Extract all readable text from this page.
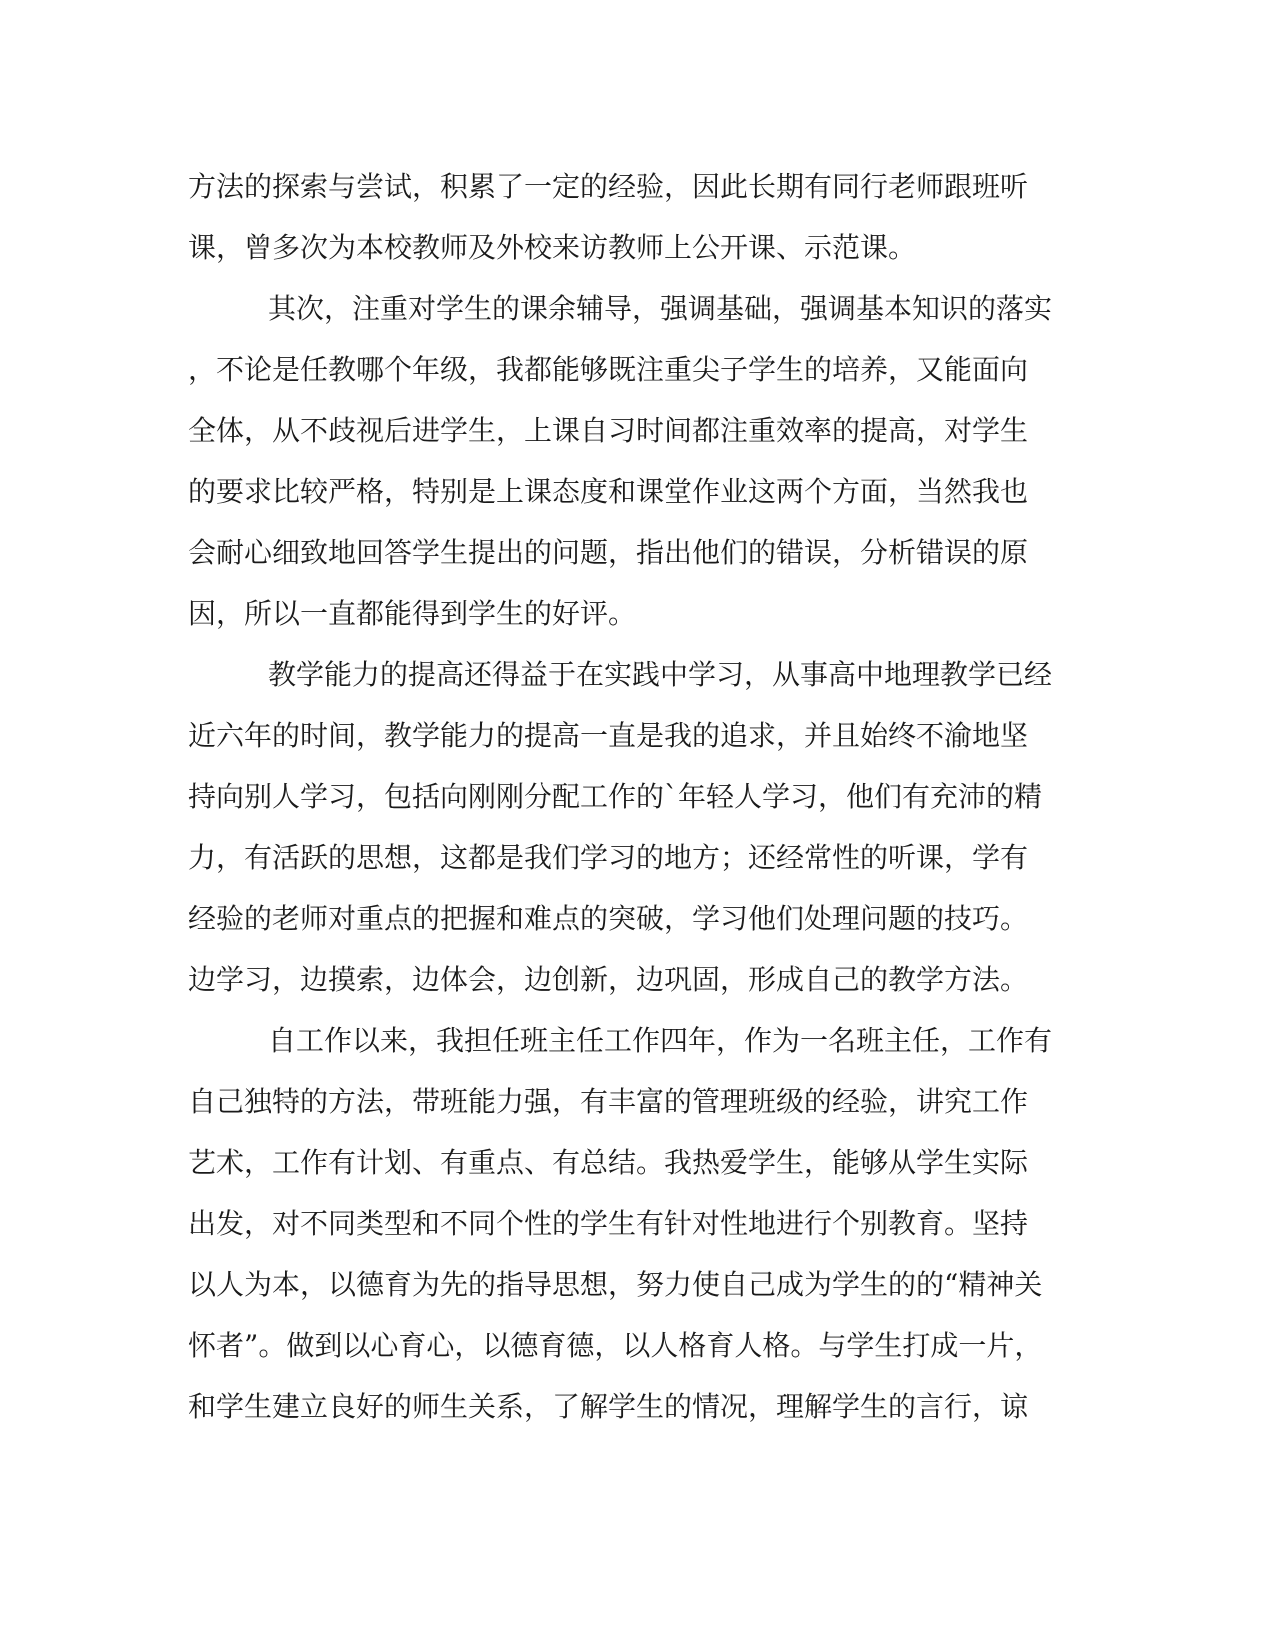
方法的探索与尝试，积累了一定的经验，因此长期有同行老师跟班听
课，曾多次为本校教师及外校来访教师上公开课、示范课。
其次，注重对学生的课余辅导，强调基础，强调基本知识的落实
，不论是任教哪个年级，我都能够既注重尖子学生的培养，又能面向
全体，从不歧视后进学生，上课自习时间都注重效率的提高，对学生
的要求比较严格，特别是上课态度和课堂作业这两个方面，当然我也
会耐心细致地回答学生提出的问题，指出他们的错误，分析错误的原
因，所以一直都能得到学生的好评。
教学能力的提高还得益于在实践中学习，从事高中地理教学已经
近六年的时间，教学能力的提高一直是我的追求，并且始终不渝地坚
持向别人学习，包括向刚刚分配工作的`年轻人学习，他们有充沛的精
力，有活跃的思想，这都是我们学习的地方；还经常性的听课，学有
经验的老师对重点的把握和难点的突破，学习他们处理问题的技巧。
边学习，边摸索，边体会，边创新，边巩固，形成自己的教学方法。
自工作以来，我担任班主任工作四年，作为一名班主任，工作有
自己独特的方法，带班能力强，有丰富的管理班级的经验，讲究工作
艺术，工作有计划、有重点、有总结。我热爱学生，能够从学生实际
出发，对不同类型和不同个性的学生有针对性地进行个别教育。坚持
以人为本，以德育为先的指导思想，努力使自己成为学生的的“精神关
怀者”。做到以心育心，以德育德，以人格育人格。与学生打成一片，
和学生建立良好的师生关系，了解学生的情况，理解学生的言行，谅
